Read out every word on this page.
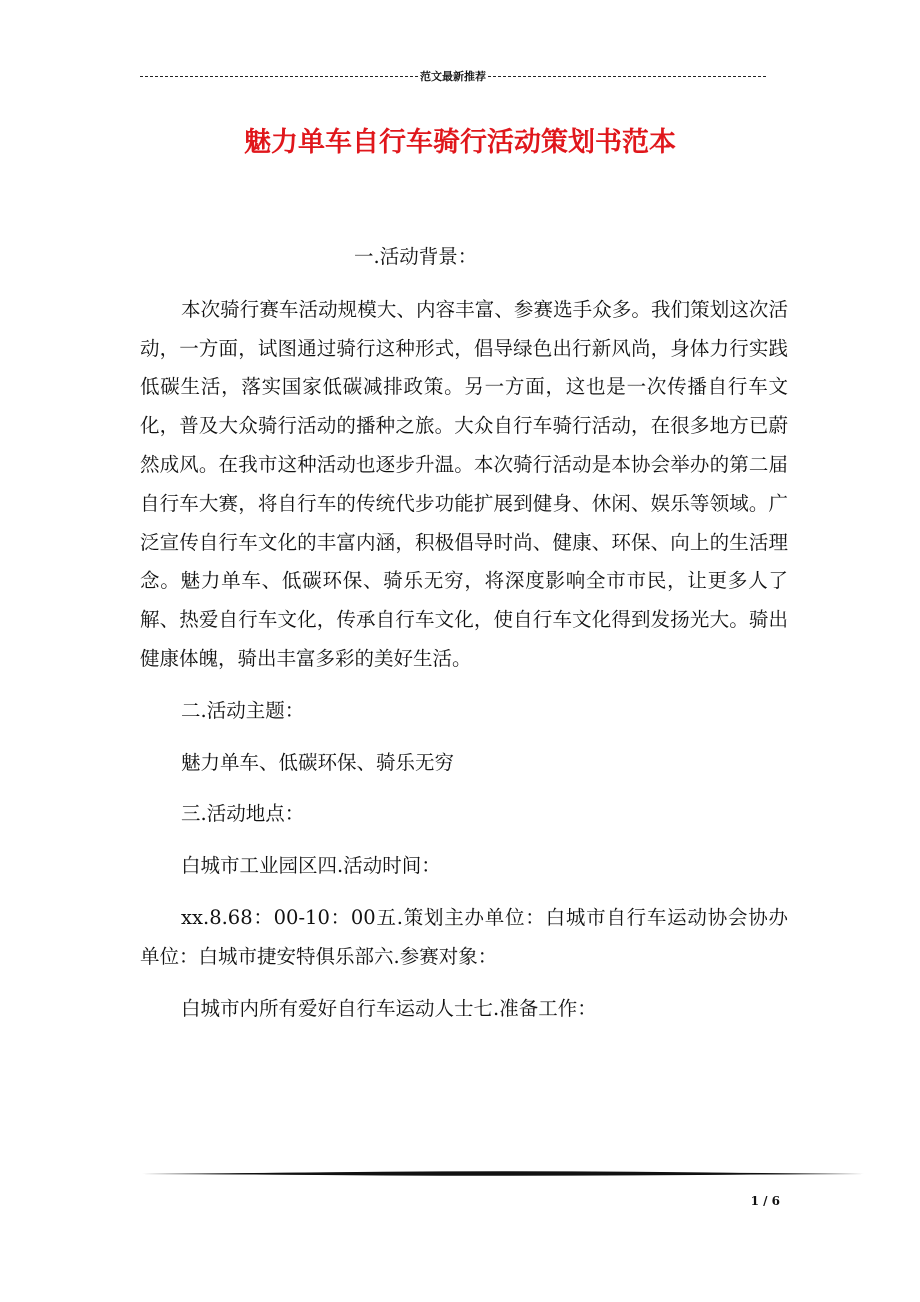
范文最新推荐
魅力单车自行车骑行活动策划书范本

一.活动背景：

本次骑行赛车活动规模大、内容丰富、参赛选手众多。我们策划这次活动，一方面，试图通过骑行这种形式，倡导绿色出行新风尚，身体力行实践低碳生活，落实国家低碳减排政策。另一方面，这也是一次传播自行车文化，普及大众骑行活动的播种之旅。大众自行车骑行活动，在很多地方已蔚然成风。在我市这种活动也逐步升温。本次骑行活动是本协会举办的第二届自行车大赛，将自行车的传统代步功能扩展到健身、休闲、娱乐等领域。广泛宣传自行车文化的丰富内涵，积极倡导时尚、健康、环保、向上的生活理念。魅力单车、低碳环保、骑乐无穷，将深度影响全市市民，让更多人了解、热爱自行车文化，传承自行车文化，使自行车文化得到发扬光大。骑出健康体魄，骑出丰富多彩的美好生活。

二.活动主题：

魅力单车、低碳环保、骑乐无穷

三.活动地点：

白城市工业园区四.活动时间：

xx.8.68：00-10：00五.策划主办单位：白城市自行车运动协会协办单位：白城市捷安特俱乐部六.参赛对象：

白城市内所有爱好自行车运动人士七.准备工作：

1 / 6
